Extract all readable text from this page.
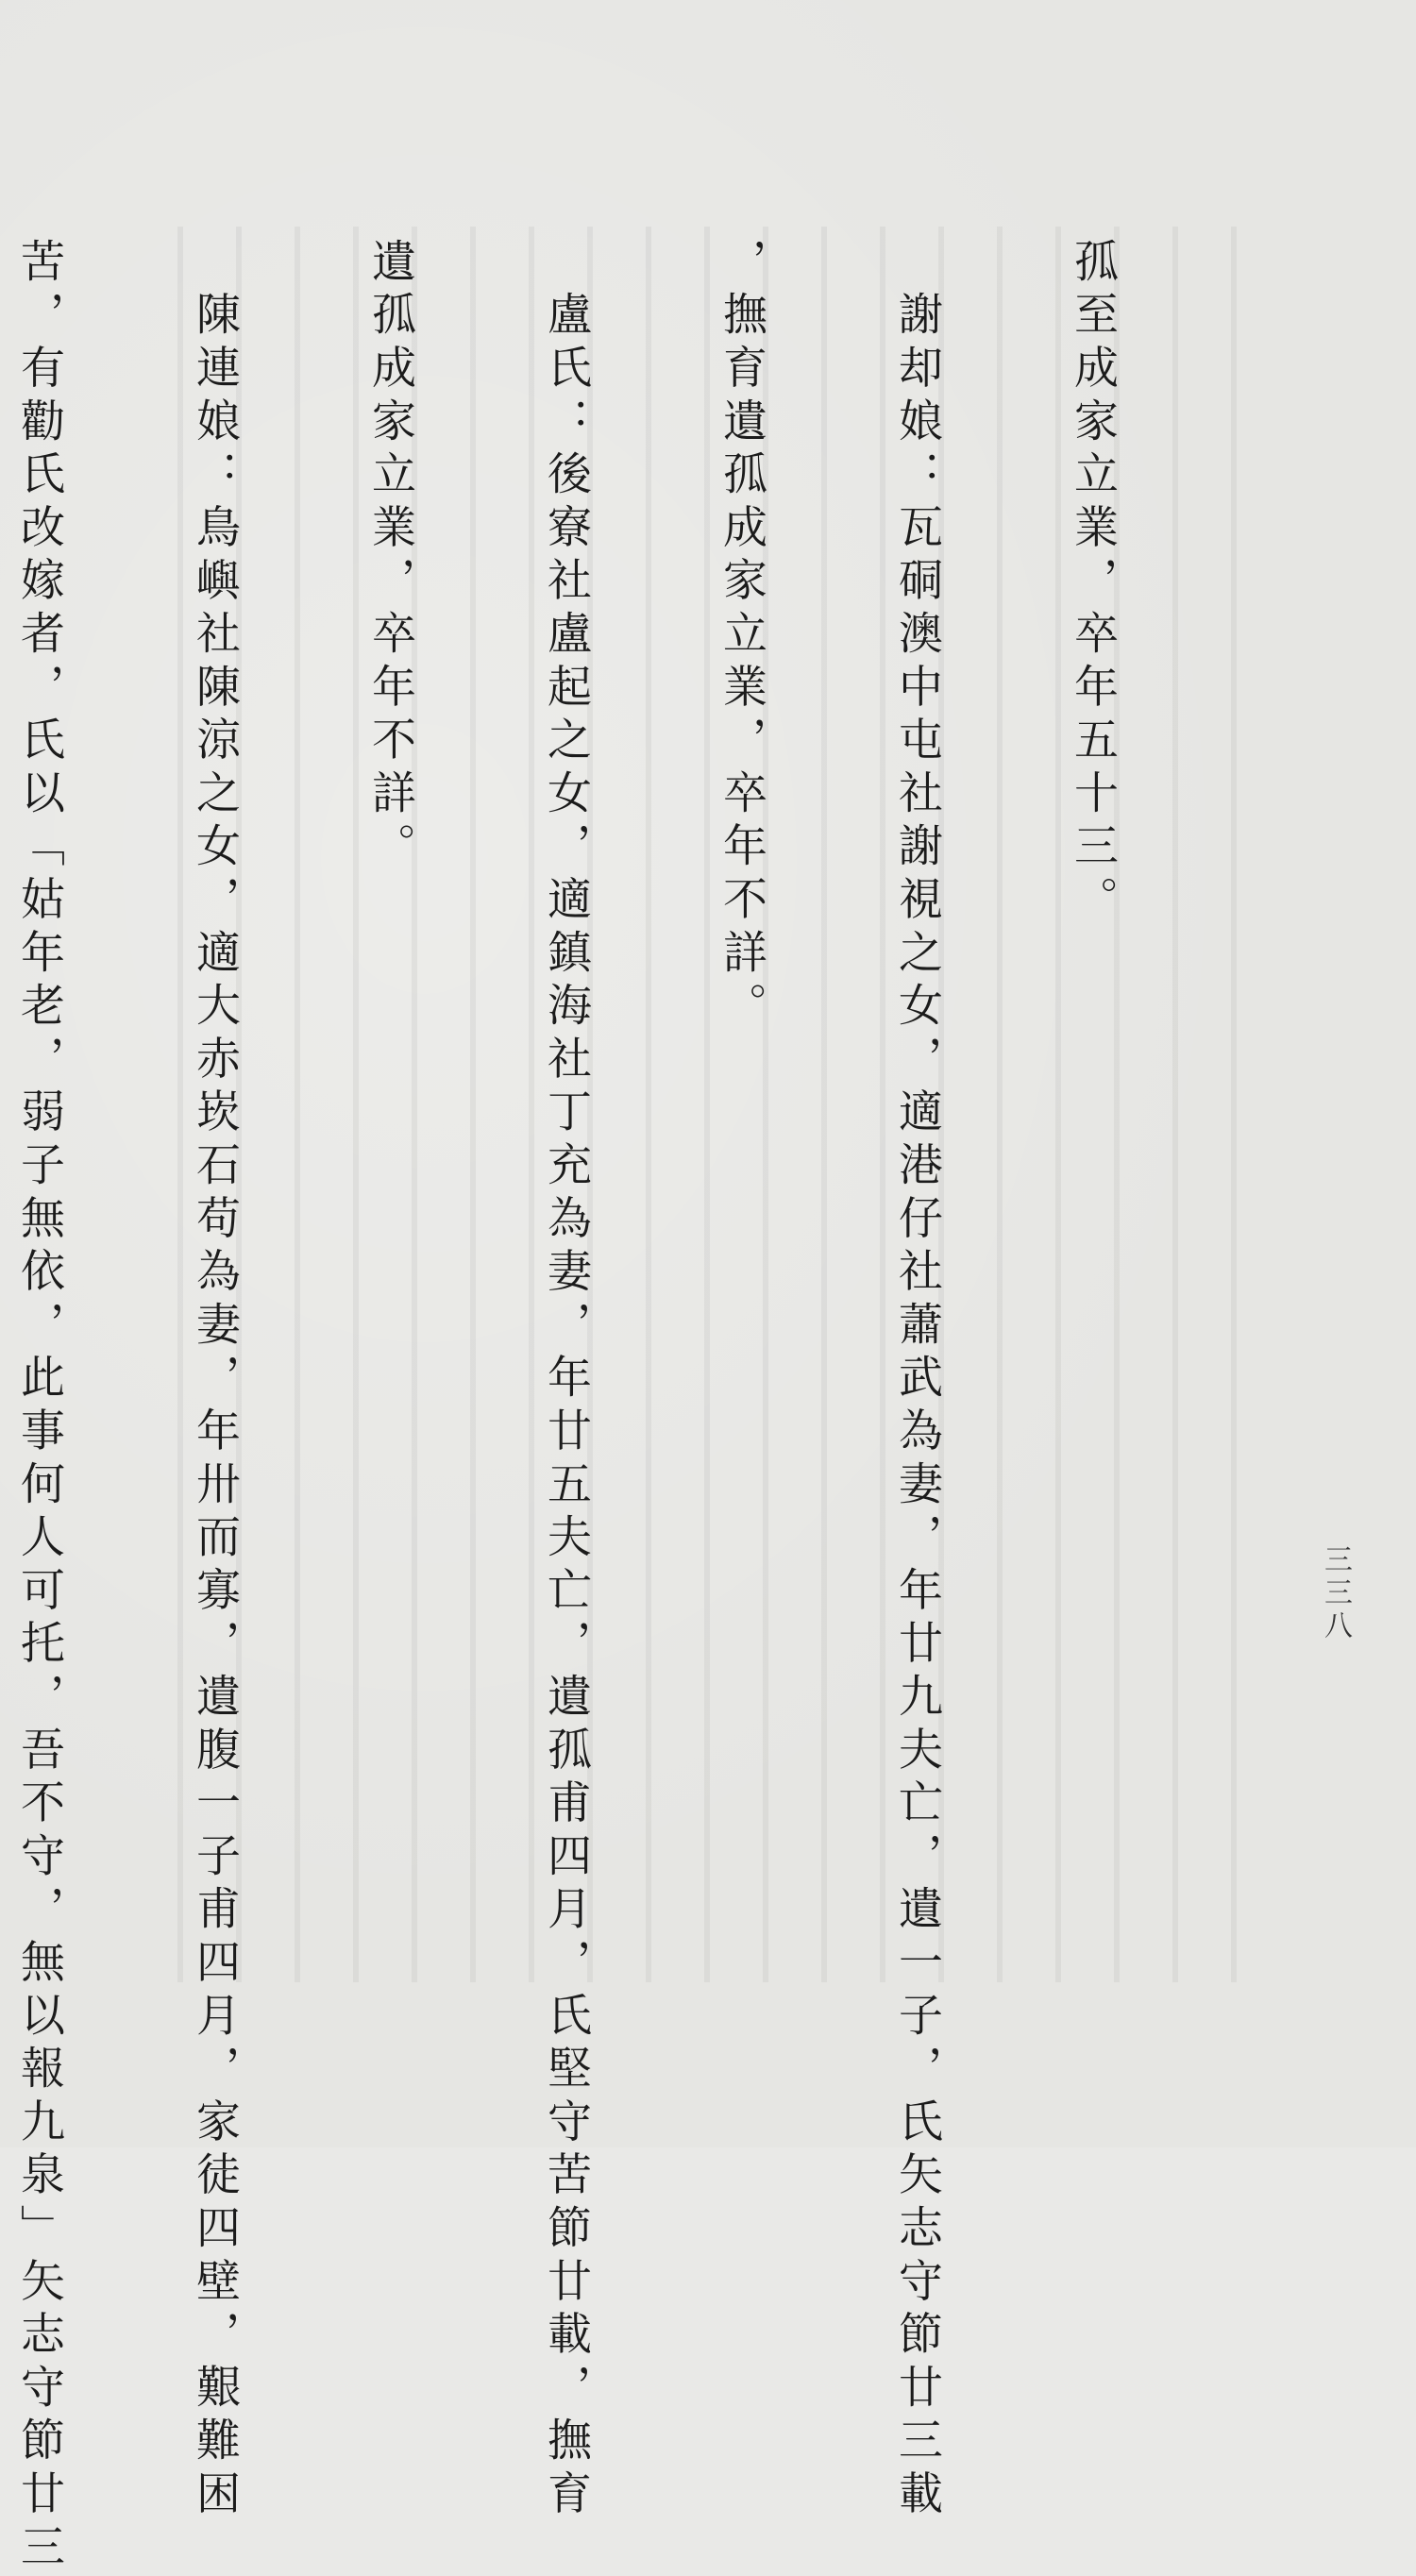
孤至成家立業，卒年五十三。

　謝却娘：瓦硐澳中屯社謝視之女，適港仔社蕭武為妻，年廿九夫亡，遺一子，氏矢志守節廿三載

，撫育遺孤成家立業，卒年不詳。

　盧氏：後寮社盧起之女，適鎮海社丁充為妻，年廿五夫亡，遺孤甫四月，氏堅守苦節廿載，撫育

遺孤成家立業，卒年不詳。

　陳連娘：鳥嶼社陳涼之女，適大赤崁石苟為妻，年卅而寡，遺腹一子甫四月，家徒四壁，艱難困

苦，有勸氏改嫁者，氏以「姑年老，弱子無依，此事何人可托，吾不守，無以報九泉」矢志守節廿三

	三三八
